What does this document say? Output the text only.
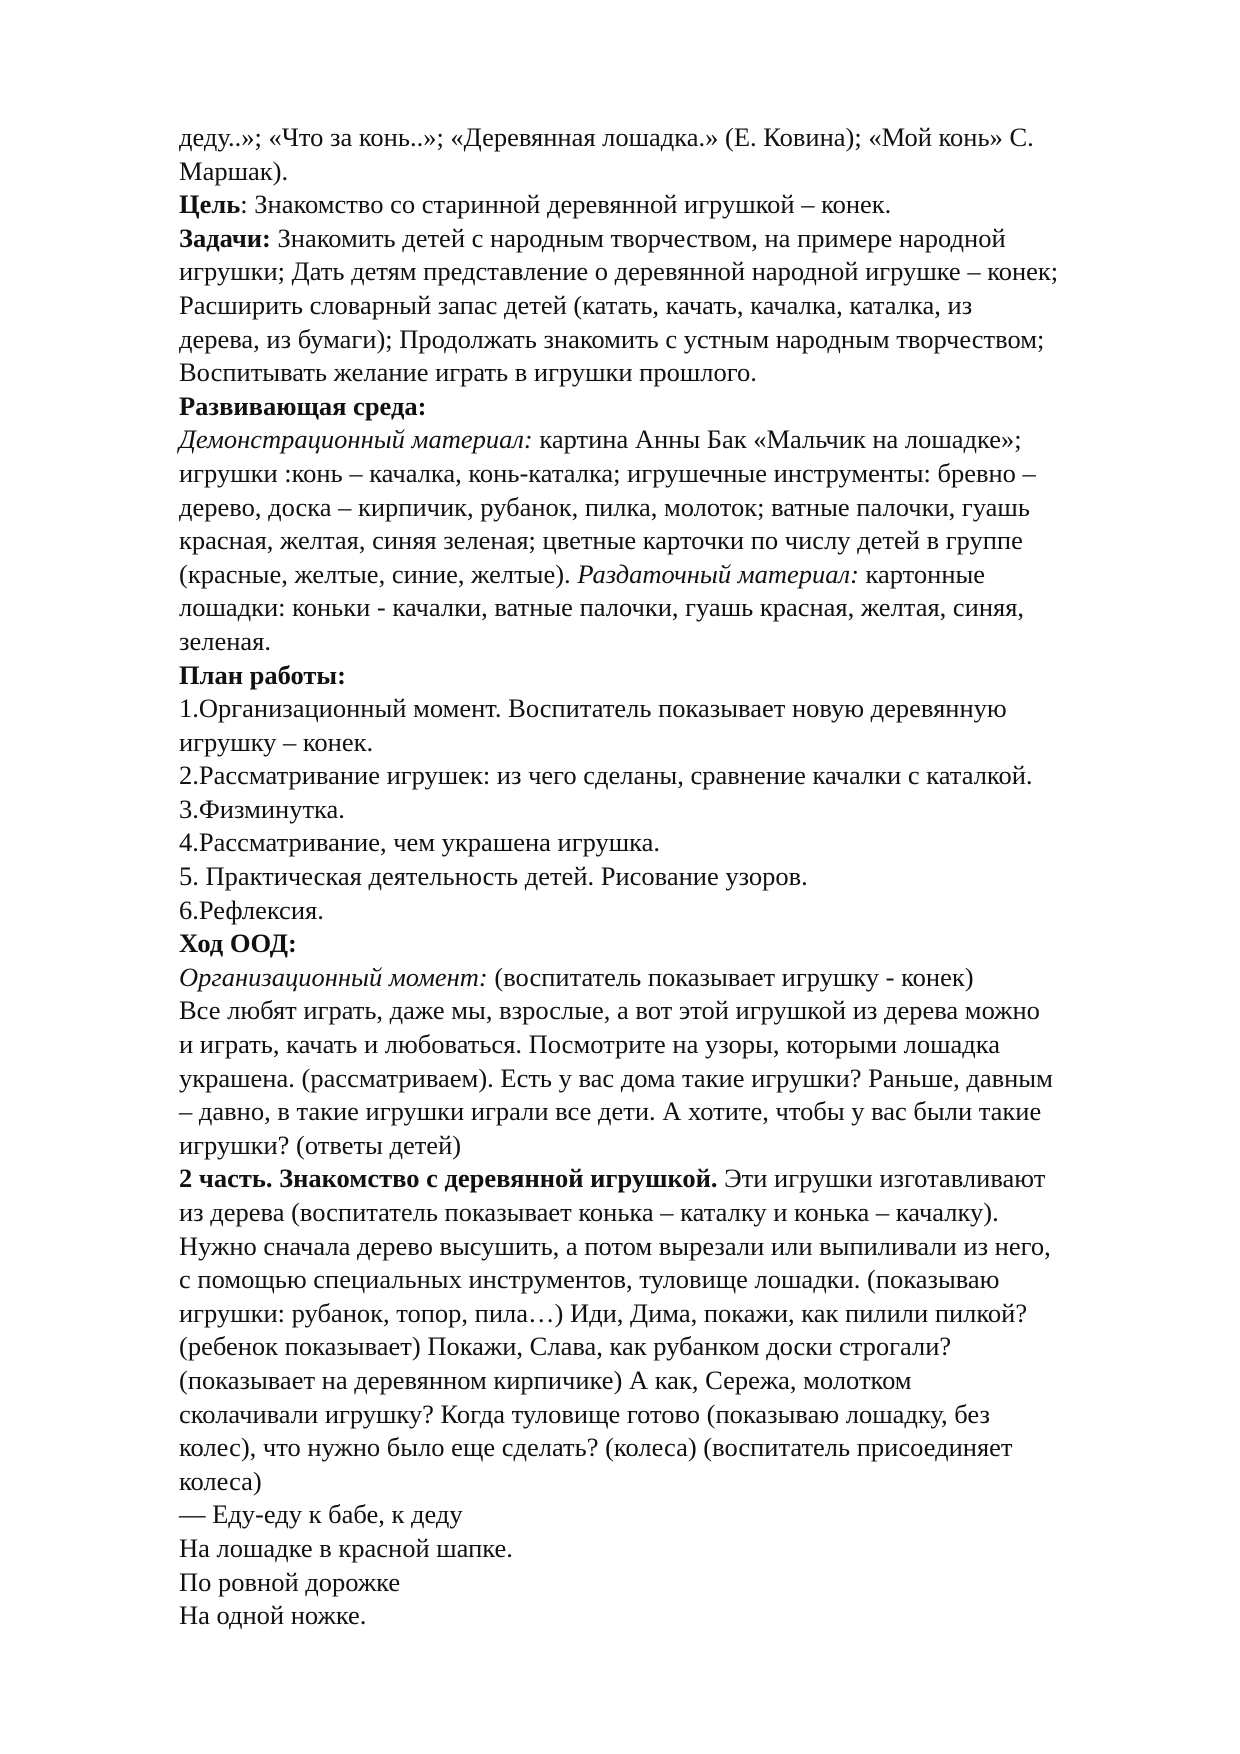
деду..»; «Что за конь..»; «Деревянная лошадка.» (Е. Ковина); «Мой конь» С.
Маршак).
Цель: Знакомство со старинной деревянной игрушкой – конек.
Задачи: Знакомить детей с народным творчеством, на примере народной
игрушки; Дать детям представление о деревянной народной игрушке – конек;
Расширить словарный запас детей (катать, качать, качалка, каталка, из
дерева, из бумаги); Продолжать знакомить с устным народным творчеством;
Воспитывать желание играть в игрушки прошлого.
Развивающая среда:
Демонстрационный материал: картина Анны Бак «Мальчик на лошадке»;
игрушки :конь – качалка, конь-каталка; игрушечные инструменты: бревно –
дерево, доска – кирпичик, рубанок, пилка, молоток; ватные палочки, гуашь
красная, желтая, синяя зеленая; цветные карточки по числу детей в группе
(красные, желтые, синие, желтые). Раздаточный материал: картонные
лошадки: коньки - качалки, ватные палочки, гуашь красная, желтая, синяя,
зеленая.
План работы:
1.Организационный момент. Воспитатель показывает новую деревянную
игрушку – конек.
2.Рассматривание игрушек: из чего сделаны, сравнение качалки с каталкой.
3.Физминутка.
4.Рассматривание, чем украшена игрушка.
5. Практическая деятельность детей. Рисование узоров.
6.Рефлексия.
Ход ООД:
Организационный момент: (воспитатель показывает игрушку - конек)
Все любят играть, даже мы, взрослые, а вот этой игрушкой из дерева можно
и играть, качать и любоваться. Посмотрите на узоры, которыми лошадка
украшена. (рассматриваем). Есть у вас дома такие игрушки? Раньше, давным
– давно, в такие игрушки играли все дети. А хотите, чтобы у вас были такие
игрушки? (ответы детей)
2 часть. Знакомство с деревянной игрушкой. Эти игрушки изготавливают
из дерева (воспитатель показывает конька – каталку и конька – качалку).
Нужно сначала дерево высушить, а потом вырезали или выпиливали из него,
с помощью специальных инструментов, туловище лошадки. (показываю
игрушки: рубанок, топор, пила…) Иди, Дима, покажи, как пилили пилкой?
(ребенок показывает) Покажи, Слава, как рубанком доски строгали?
(показывает на деревянном кирпичике) А как, Сережа, молотком
сколачивали игрушку? Когда туловище готово (показываю лошадку, без
колес), что нужно было еще сделать? (колеса) (воспитатель присоединяет
колеса)
— Еду-еду к бабе, к деду
На лошадке в красной шапке.
По ровной дорожке
На одной ножке.
